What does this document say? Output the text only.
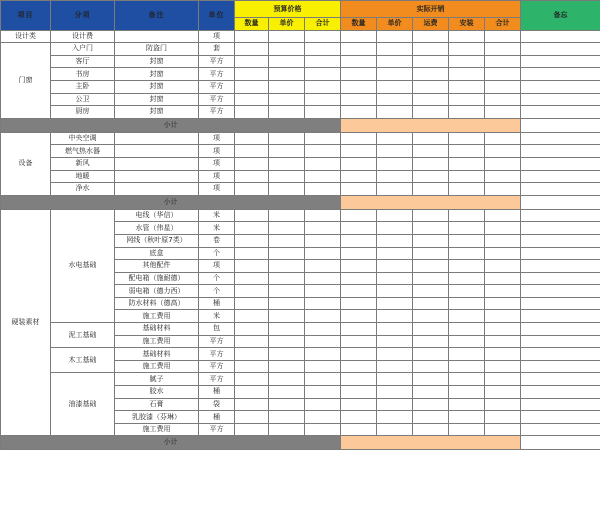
项目	分项	备注	单位	预算价格			实际开销					备忘
				数量	单价	合计	数量	单价	运费	安装	合计	
设计类	设计费		项									
门窗	入户门	防盗门	套									
	客厅	封窗	平方									
	书房	封窗	平方									
	主卧	封窗	平方									
	公卫	封窗	平方									
	厨房	封窗	平方									
小计												
设备	中央空调		项									
	燃气热水器		项									
	新风		项									
	地暖		项									
	净水		项									
小计												
硬装素材	水电基础	电线（华信）	米									
		水管（伟星）	米									
		网线（秋叶原7类）	卷									
		底盒	个									
		其他配件	项									
		配电箱（施耐德）	个									
		弱电箱（德力西）	个									
		防水材料（德高）	桶									
		施工费用	米									
	泥工基础	基础材料	包									
		施工费用	平方									
	木工基础	基础材料	平方									
		施工费用	平方									
	油漆基础	腻子	平方									
		胶水	桶									
		石膏	袋									
		乳胶漆（芬琳）	桶									
		施工费用	平方									
小计												
